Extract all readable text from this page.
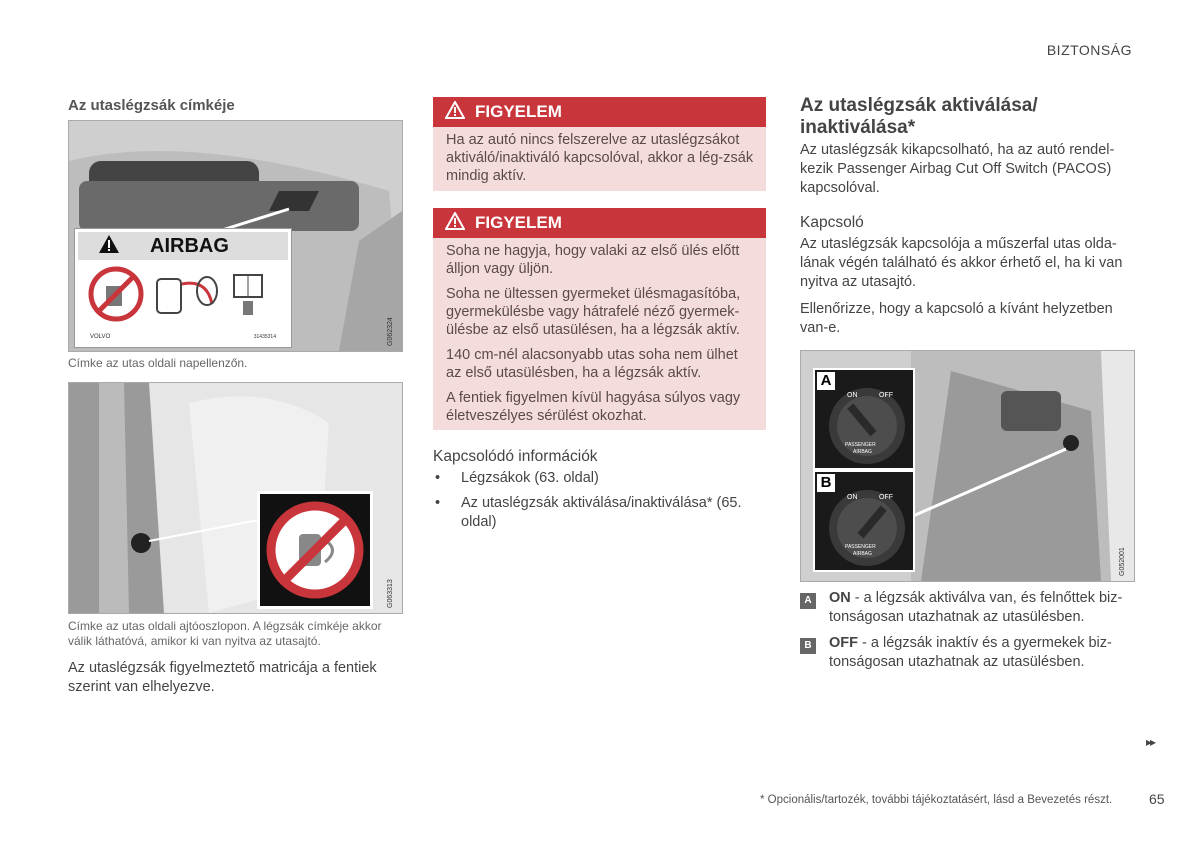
BIZTONSÁG
Az utaslégzsák címkéje
AIRBAG
VOLVO	31435314	G062324
Címke az utas oldali napellenzőn.
G063313
Címke az utas oldali ajtóoszlopon. A légzsák címkéje akkor válik láthatóvá, amikor ki van nyitva az utasajtó.
Az utaslégzsák figyelmeztető matricája a fentiek szerint van elhelyezve.
FIGYELEM

Ha az autó nincs felszerelve az utaslégzsákot aktiváló/inaktiváló kapcsolóval, akkor a lég-zsák mindig aktív.

FIGYELEM

Soha ne hagyja, hogy valaki az első ülés előtt álljon vagy üljön.

Soha ne ültessen gyermeket ülésmagasítóba, gyermekülésbe vagy hátrafelé néző gyermek-ülésbe az első utasülésen, ha a légzsák aktív.

140 cm-nél alacsonyabb utas soha nem ülhet az első utasülésben, ha a légzsák aktív.

A fentiek figyelmen kívül hagyása súlyos vagy életveszélyes sérülést okozhat.

Kapcsolódó információk
• Légzsákok (63. oldal)
• Az utaslégzsák aktiválása/inaktiválása* (65. oldal)
Az utaslégzsák aktiválása/
inaktiválása*
Az utaslégzsák kikapcsolható, ha az autó rendel-kezik Passenger Airbag Cut Off Switch (PACOS) kapcsolóval.
Kapcsoló
Az utaslégzsák kapcsolója a műszerfal utas olda-lának végén található és akkor érhető el, ha ki van nyitva az utasajtó.
Ellenőrizze, hogy a kapcsoló a kívánt helyzetben van-e.
A
ON	OFF
PASSENGER
AIRBAG
B
ON	OFF
PASSENGER
AIRBAG	G052001
A	ON - a légzsák aktiválva van, és felnőttek biz-tonságosan utazhatnak az utasülésben.
B	OFF - a légzsák inaktív és a gyermekek biz-tonságosan utazhatnak az utasülésben.
▸▸
* Opcionális/tartozék, további tájékoztatásért, lásd a Bevezetés részt.	65
